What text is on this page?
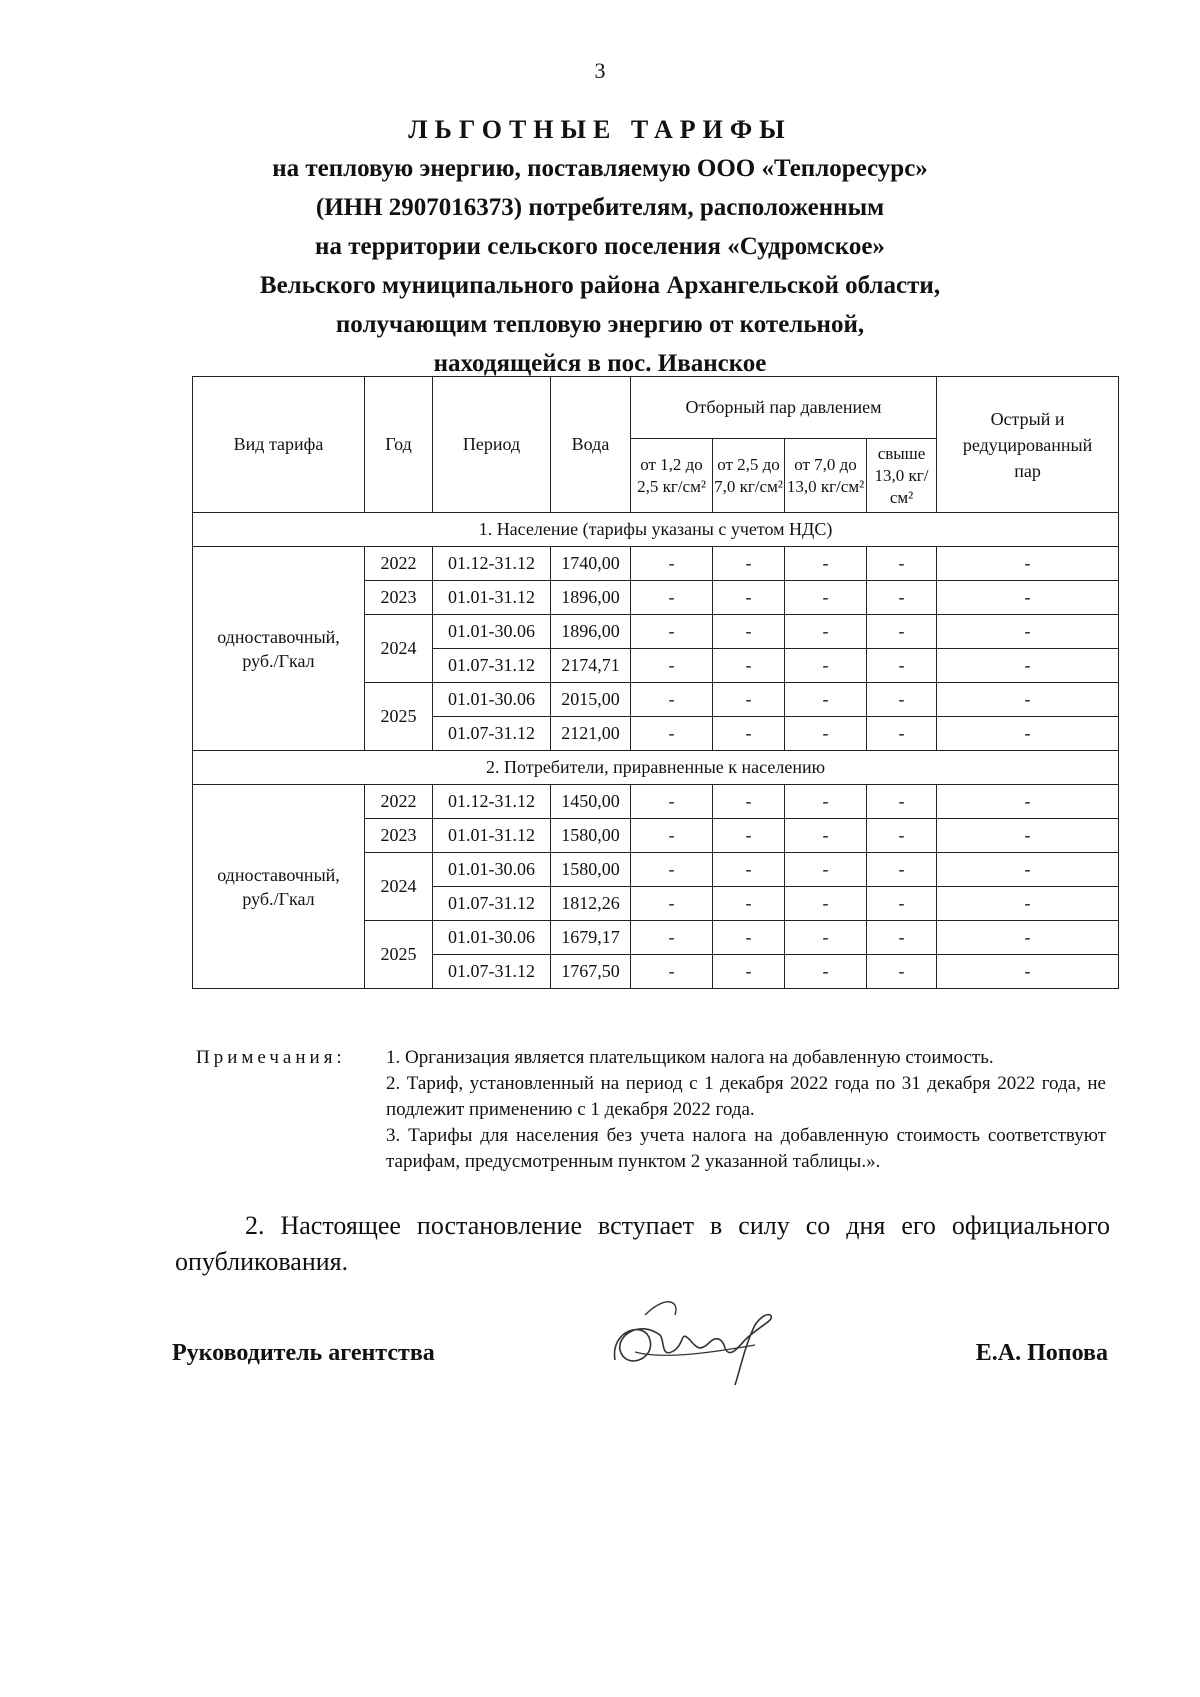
3
ЛЬГОТНЫЕ ТАРИФЫ
на тепловую энергию, поставляемую ООО «Теплоресурс»
(ИНН 2907016373) потребителям, расположенным
на территории сельского поселения «Судромское»
Вельского муниципального района Архангельской области,
получающим тепловую энергию от котельной,
находящейся в пос. Иванское
Вид тарифа	Год	Период	Вода	Отборный пар давлением				Острый и редуцированный пар
				от 1,2 до 2,5 кг/см²	от 2,5 до 7,0 кг/см²	от 7,0 до 13,0 кг/см²	свыше 13,0 кг/см²	
1. Население (тарифы указаны с учетом НДС)								
одноставочный, руб./Гкал	2022	01.12-31.12	1740,00	-	-	-	-	-
	2023	01.01-31.12	1896,00	-	-	-	-	-
	2024	01.01-30.06	1896,00	-	-	-	-	-
		01.07-31.12	2174,71	-	-	-	-	-
	2025	01.01-30.06	2015,00	-	-	-	-	-
		01.07-31.12	2121,00	-	-	-	-	-
2. Потребители, приравненные к населению								
одноставочный, руб./Гкал	2022	01.12-31.12	1450,00	-	-	-	-	-
	2023	01.01-31.12	1580,00	-	-	-	-	-
	2024	01.01-30.06	1580,00	-	-	-	-	-
		01.07-31.12	1812,26	-	-	-	-	-
	2025	01.01-30.06	1679,17	-	-	-	-	-
		01.07-31.12	1767,50	-	-	-	-	-
Примечания: 1. Организация является плательщиком налога на добавленную стоимость.

2. Тариф, установленный на период с 1 декабря 2022 года по 31 декабря 2022 года, не подлежит применению с 1 декабря 2022 года.

3. Тарифы для населения без учета налога на добавленную стоимость соответствуют тарифам, предусмотренным пунктом 2 указанной таблицы.».

2. Настоящее постановление вступает в силу со дня его официального опубликования.
Руководитель агентства	Е.А. Попова
